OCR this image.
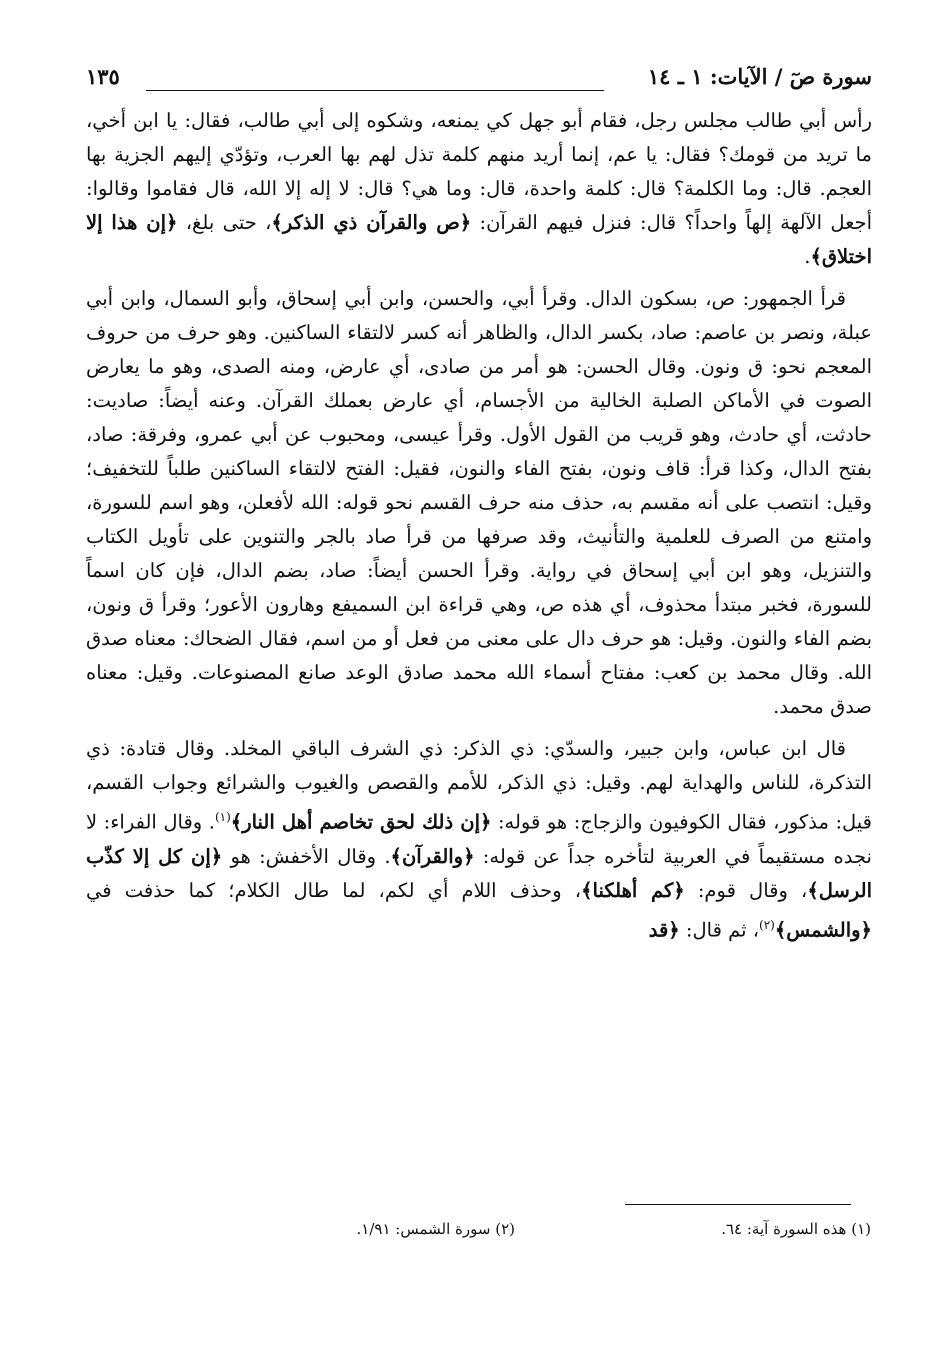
سورة صٓ / الآيات: ١ ـ ١٤
١٣٥

رأس أبي طالب مجلس رجل، فقام أبو جهل كي يمنعه، وشكوه إلى أبي طالب، فقال: يا ابن أخي، ما تريد من قومك؟ فقال: يا عم، إنما أريد منهم كلمة تذل لهم بها العرب، وتؤدّي إليهم الجزية بها العجم. قال: وما الكلمة؟ قال: كلمة واحدة، قال: وما هي؟ قال: لا إله إلا الله، قال فقاموا وقالوا: أجعل الآلهة إلهاً واحداً؟ قال: فنزل فيهم القرآن: ﴿ص والقرآن ذي الذكر﴾، حتى بلغ، ﴿إن هذا إلا اختلاق﴾.

قرأ الجمهور: ص، بسكون الدال. وقرأ أبي، والحسن، وابن أبي إسحاق، وأبو السمال، وابن أبي عبلة، ونصر بن عاصم: صاد، بكسر الدال، والظاهر أنه كسر لالتقاء الساكنين. وهو حرف من حروف المعجم نحو: ق ونون. وقال الحسن: هو أمر من صادى، أي عارض، ومنه الصدى، وهو ما يعارض الصوت في الأماكن الصلبة الخالية من الأجسام، أي عارض بعملك القرآن. وعنه أيضاً: صاديت: حادثت، أي حادث، وهو قريب من القول الأول. وقرأ عيسى، ومحبوب عن أبي عمرو، وفرقة: صاد، بفتح الدال، وكذا قرأ: قاف ونون، بفتح الفاء والنون، فقيل: الفتح لالتقاء الساكنين طلباً للتخفيف؛ وقيل: انتصب على أنه مقسم به، حذف منه حرف القسم نحو قوله: الله لأفعلن، وهو اسم للسورة، وامتنع من الصرف للعلمية والتأنيث، وقد صرفها من قرأ صاد بالجر والتنوين على تأويل الكتاب والتنزيل، وهو ابن أبي إسحاق في رواية. وقرأ الحسن أيضاً: صاد، بضم الدال، فإن كان اسماً للسورة، فخبر مبتدأ محذوف، أي هذه ص، وهي قراءة ابن السميفع وهارون الأعور؛ وقرأ ق ونون، بضم الفاء والنون. وقيل: هو حرف دال على معنى من فعل أو من اسم، فقال الضحاك: معناه صدق الله. وقال محمد بن كعب: مفتاح أسماء الله محمد صادق الوعد صانع المصنوعات. وقيل: معناه صدق محمد.

قال ابن عباس، وابن جبير، والسدّي: ذي الذكر: ذي الشرف الباقي المخلد. وقال قتادة: ذي التذكرة، للناس والهداية لهم. وقيل: ذي الذكر، للأمم والقصص والغيوب والشرائع وجواب القسم، قيل: مذكور، فقال الكوفيون والزجاج: هو قوله: ﴿إن ذلك لحق تخاصم أهل النار﴾$^{(١)}$. وقال الفراء: لا نجده مستقيماً في العربية لتأخره جداً عن قوله: ﴿والقرآن﴾. وقال الأخفش: هو ﴿إن كل إلا كذّب الرسل﴾، وقال قوم: ﴿كم أهلكنا﴾، وحذف اللام أي لكم، لما طال الكلام؛ كما حذفت في ﴿والشمس﴾$^{(٢)}$، ثم قال: ﴿قد

(١) هذه السورة آية: ٦٤.
(٢) سورة الشمس: ١/٩١.
